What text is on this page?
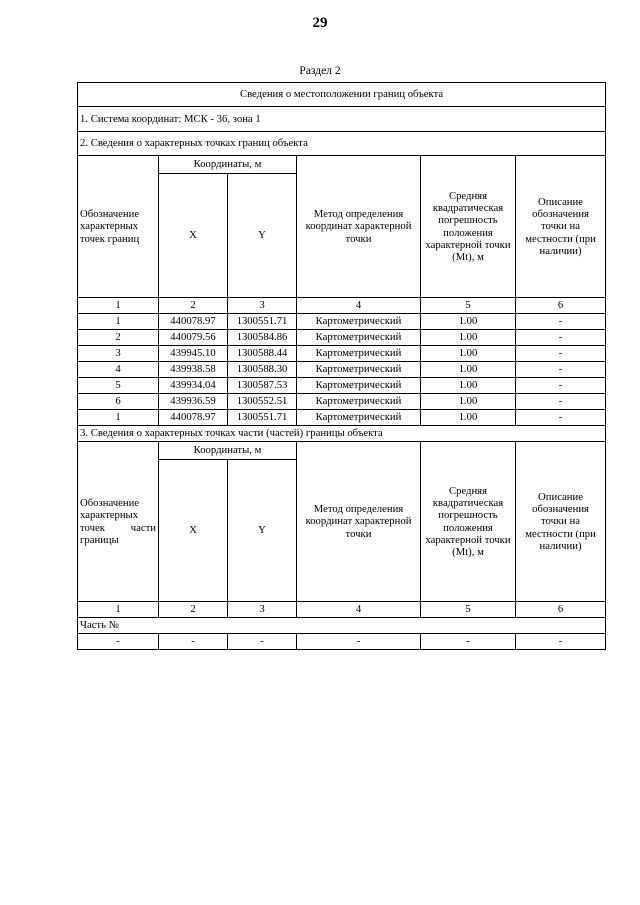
29
Раздел 2
Сведения о местоположении границ объекта					
1. Система координат: МСК - 36, зона 1					
2. Сведения о характерных точках границ объекта					
Обозначение характерных точек границ	Координаты, м		Метод определения координат характерной точки	Средняя квадратическая погрешность положения характерной точки (Mt), м	Описание обозначения точки на местности (при наличии)
	X	Y			
1	2	3	4	5	6
1	440078.97	1300551.71	Картометрический	1.00	-
2	440079.56	1300584.86	Картометрический	1.00	-
3	439945.10	1300588.44	Картометрический	1.00	-
4	439938.58	1300588.30	Картометрический	1.00	-
5	439934.04	1300587.53	Картометрический	1.00	-
6	439936.59	1300552.51	Картометрический	1.00	-
1	440078.97	1300551.71	Картометрический	1.00	-
3. Сведения о характерных точках части (частей) границы объекта					
Обозначение характерных точек части границы	Координаты, м		Метод определения координат характерной точки	Средняя квадратическая погрешность положения характерной точки (Mt), м	Описание обозначения точки на местности (при наличии)
	X	Y			
1	2	3	4	5	6
Часть №					
-	-	-	-	-	-
